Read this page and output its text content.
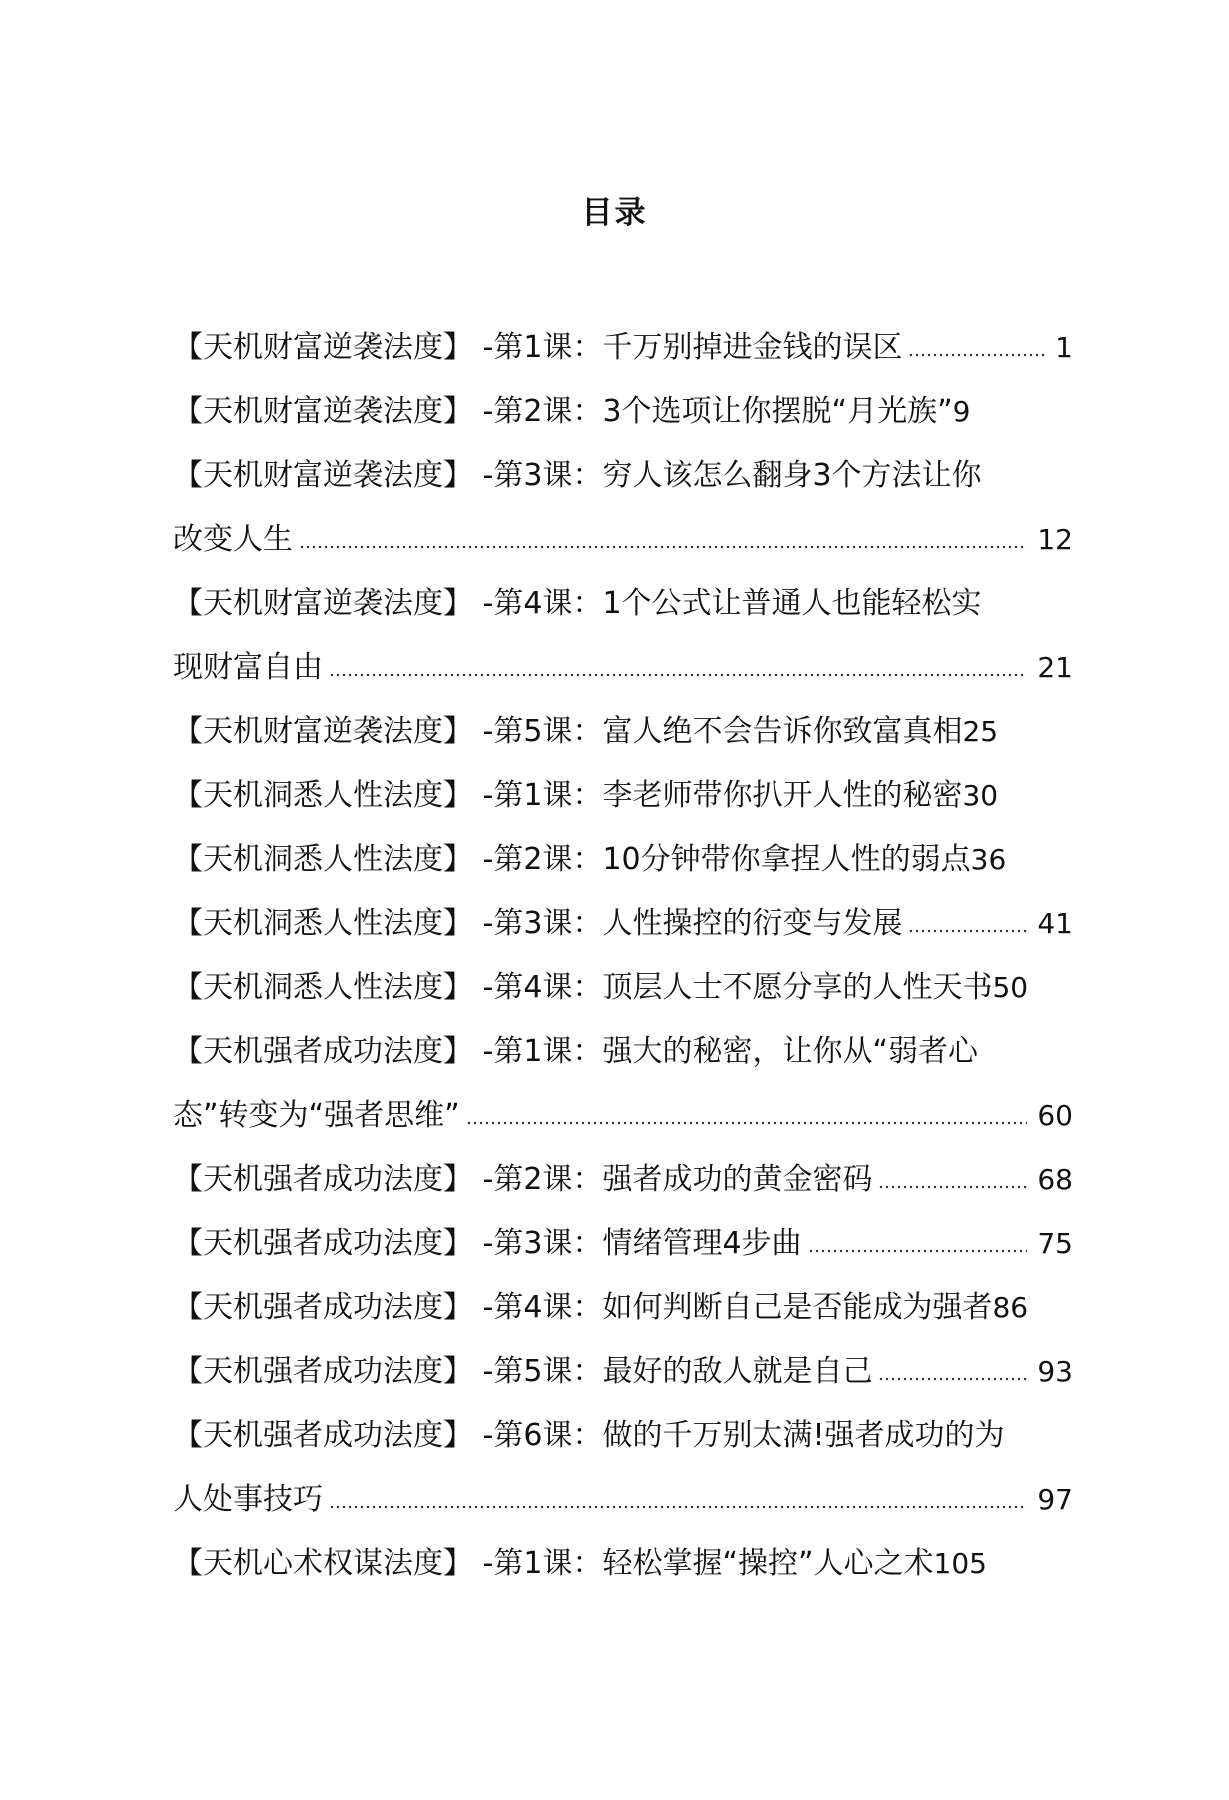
目录
【天机财富逆袭法度】 -第1课：千万别掉进金钱的误区	1
【天机财富逆袭法度】 -第2课：3个选项让你摆脱“月光族” 9
【天机财富逆袭法度】 -第3课：穷人该怎么翻身3个方法让你
改变人生	12
【天机财富逆袭法度】 -第4课：1个公式让普通人也能轻松实
现财富自由	21
【天机财富逆袭法度】 -第5课：富人绝不会告诉你致富真相 25
【天机洞悉人性法度】 -第1课：李老师带你扒开人性的秘密 30
【天机洞悉人性法度】 -第2课：10分钟带你拿捏人性的弱点 36
【天机洞悉人性法度】 -第3课：人性操控的衍变与发展	41
【天机洞悉人性法度】 -第4课：顶层人士不愿分享的人性天书 50
【天机强者成功法度】 -第1课：强大的秘密，让你从“弱者心
态”转变为“强者思维”	60
【天机强者成功法度】 -第2课：强者成功的黄金密码	68
【天机强者成功法度】 -第3课：情绪管理4步曲	75
【天机强者成功法度】 -第4课：如何判断自己是否能成为强者 86
【天机强者成功法度】 -第5课：最好的敌人就是自己	93
【天机强者成功法度】 -第6课：做的千万别太满!强者成功的为
人处事技巧	97
【天机心术权谋法度】 -第1课：轻松掌握“操控”人心之术 105
